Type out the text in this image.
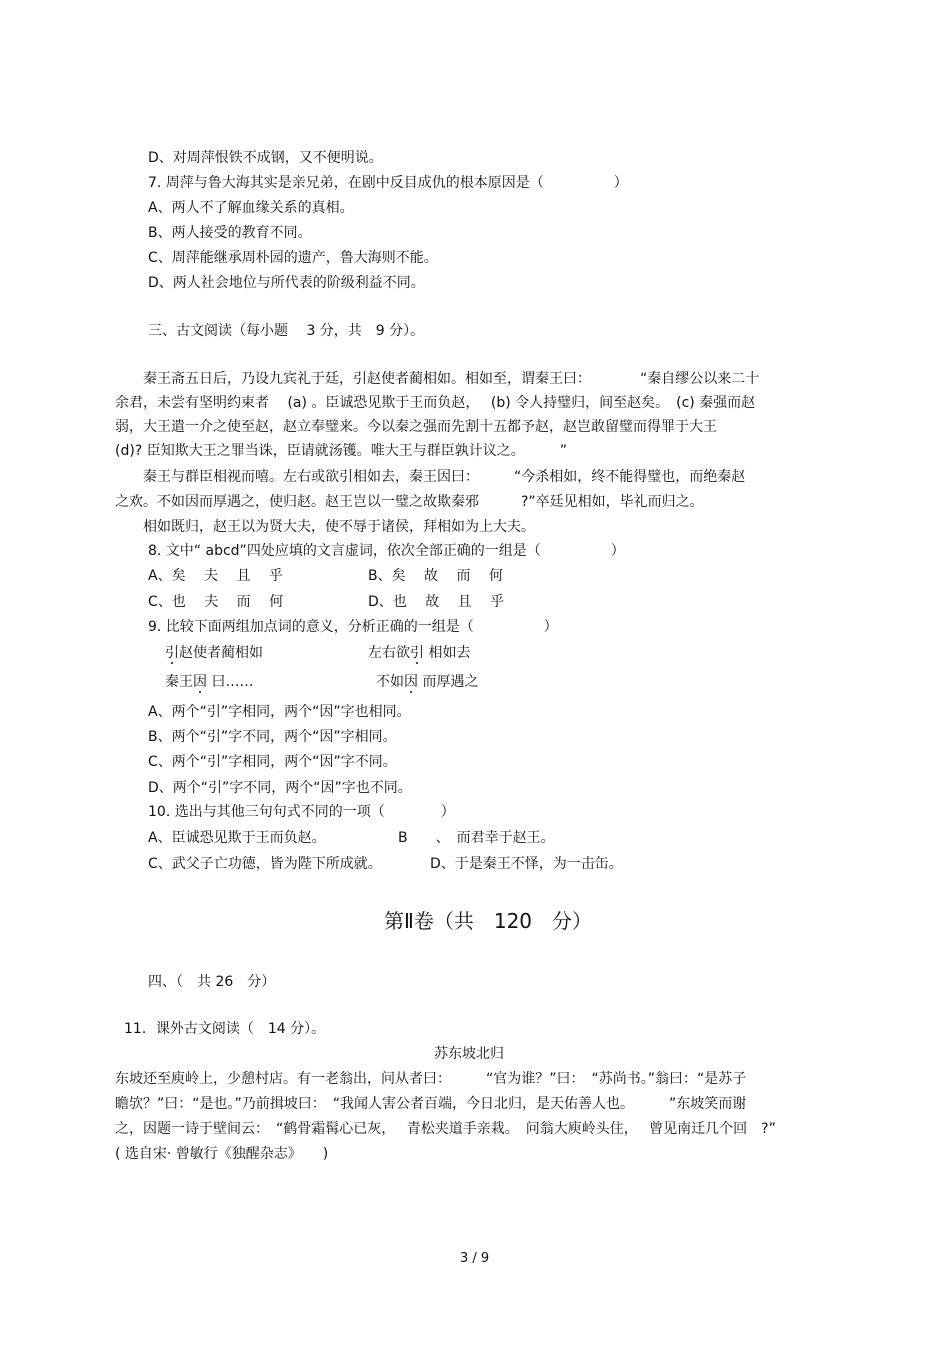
D、对周萍恨铁不成钢，又不便明说。
7. 周萍与鲁大海其实是亲兄弟，在剧中反目成仇的根本原因是（　　　　　）
A、两人不了解血缘关系的真相。
B、两人接受的教育不同。
C、周萍能继承周朴园的遗产，鲁大海则不能。
D、两人社会地位与所代表的阶级利益不同。
三、古文阅读（每小题　 3 分，共　9 分）。
　　秦王斋五日后，乃设九宾礼于廷，引赵使者蔺相如。相如至，谓秦王曰：　　　　“秦自缪公以来二十
余君，未尝有坚明约束者　 (a) 。臣诚恐见欺于王而负赵，　 (b) 令人持璧归，间至赵矣。　(c) 秦强而赵
弱，大王遣一介之使至赵，赵立奉璧来。今以秦之强而先割十五都予赵，赵岂敢留璧而得罪于大王
(d)? 臣知欺大王之罪当诛，臣请就汤镬。唯大王与群臣孰计议之。　　　”
　　秦王与群臣相视而嘻。左右或欲引相如去，秦王因曰：　　　“今杀相如，终不能得璧也，而绝秦赵
之欢。不如因而厚遇之，使归赵。赵王岂以一璧之故欺秦邪　　　?”卒廷见相如，毕礼而归之。
　　相如既归，赵王以为贤大夫，使不辱于诸侯，拜相如为上大夫。
8. 文中“ abcd”四处应填的文言虚词，依次全部正确的一组是（　　　　　）
A、矣　 夫　 且　 乎	B、矣　 故　 而　 何
C、也　 夫　 而　 何	D、也　 故　 且　 乎
9. 比较下面两组加点词的意义，分析正确的一组是（　　　　　）
引赵使者蔺相如	左右欲引 相如去
秦王因 曰……	不如因 而厚遇之
A、两个“引”字相同，两个“因”字也相同。
B、两个“引”字不同，两个“因”字相同。
C、两个“引”字相同，两个“因”字不同。
D、两个“引”字不同，两个“因”字也不同。
10. 选出与其他三句句式不同的一项（　　　　）
A、臣诚恐见欺于王而负赵。	B　　、　而君幸于赵王。
C、武父子亡功德，皆为陛下所成就。	D、于是秦王不怿，为一击缶。
第Ⅱ卷（共　120　分）
四、（　共 26　分）
11．课外古文阅读（　14 分）。
苏东坡北归
东坡还至庾岭上，少憩村店。有一老翁出，问从者曰：　　　“官为谁？”曰：　“苏尚书。”翁曰：“是苏子
瞻欤？”曰：“是也。”乃前揖坡曰：　“我闻人害公者百端，今日北归，是天佑善人也。　　　”东坡笑而谢
之，因题一诗于壁间云：　“鹤骨霜髯心已灰，　 青松夹道手亲栽。　问翁大庾岭头住，　 曾见南迁几个回　?”
( 选自宋· 曾敏行《独醒杂志》　　)
3 / 9
